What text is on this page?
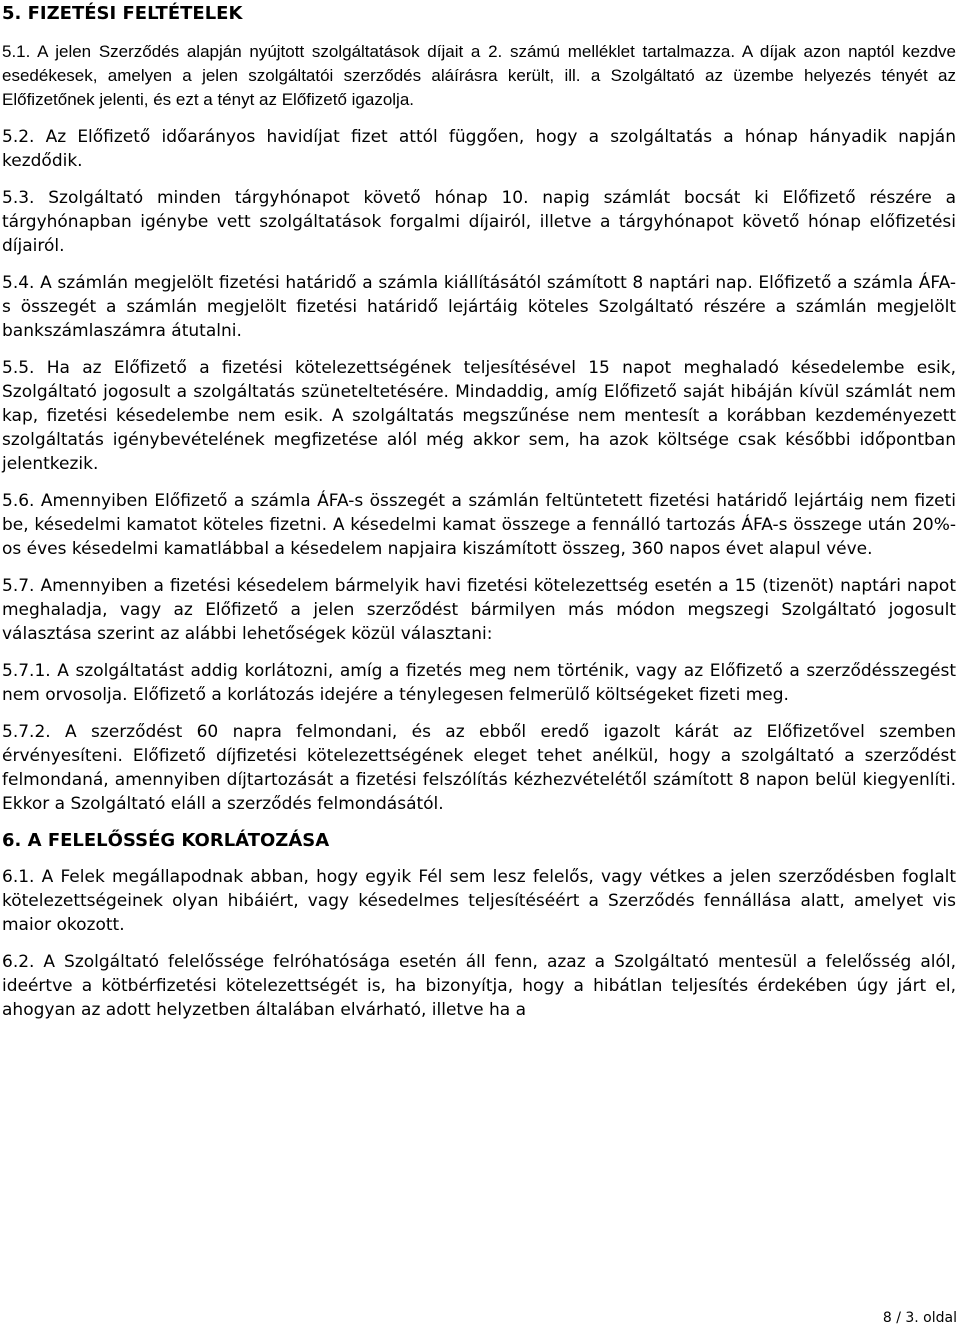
5. FIZETÉSI FELTÉTELEK

5.1. A jelen Szerződés alapján nyújtott szolgáltatások díjait a 2. számú melléklet tartalmazza. A díjak azon naptól kezdve esedékesek, amelyen a jelen szolgáltatói szerződés aláírásra került, ill. a Szolgáltató az üzembe helyezés tényét az Előfizetőnek jelenti, és ezt a tényt az Előfizető igazolja.

5.2. Az Előfizető időarányos havidíjat fizet attól függően, hogy a szolgáltatás a hónap hányadik napján kezdődik.

5.3. Szolgáltató minden tárgyhónapot követő hónap 10. napig számlát bocsát ki Előfizető részére a tárgyhónapban igénybe vett szolgáltatások forgalmi díjairól, illetve a tárgyhónapot követő hónap előfizetési díjairól.

5.4. A számlán megjelölt fizetési határidő a számla kiállításától számított 8 naptári nap. Előfizető a számla ÁFA-s összegét a számlán megjelölt fizetési határidő lejártáig köteles Szolgáltató részére a számlán megjelölt bankszámlaszámra átutalni.

5.5. Ha az Előfizető a fizetési kötelezettségének teljesítésével 15 napot meghaladó késedelembe esik, Szolgáltató jogosult a szolgáltatás szüneteltetésére. Mindaddig, amíg Előfizető saját hibáján kívül számlát nem kap, fizetési késedelembe nem esik. A szolgáltatás megszűnése nem mentesít a korábban kezdeményezett szolgáltatás igénybevételének megfizetése alól még akkor sem, ha azok költsége csak későbbi időpontban jelentkezik.

5.6. Amennyiben Előfizető a számla ÁFA-s összegét a számlán feltüntetett fizetési határidő lejártáig nem fizeti be, késedelmi kamatot köteles fizetni. A késedelmi kamat összege a fennálló tartozás ÁFA-s összege után 20%-os éves késedelmi kamatlábbal a késedelem napjaira kiszámított összeg, 360 napos évet alapul véve.

5.7. Amennyiben a fizetési késedelem bármelyik havi fizetési kötelezettség esetén a 15 (tizenöt) naptári napot meghaladja, vagy az Előfizető a jelen szerződést bármilyen más módon megszegi Szolgáltató jogosult választása szerint az alábbi lehetőségek közül választani:

5.7.1. A szolgáltatást addig korlátozni, amíg a fizetés meg nem történik, vagy az Előfizető a szerződésszegést nem orvosolja. Előfizető a korlátozás idejére a ténylegesen felmerülő költségeket fizeti meg.

5.7.2. A szerződést 60 napra felmondani, és az ebből eredő igazolt kárát az Előfizetővel szemben érvényesíteni. Előfizető díjfizetési kötelezettségének eleget tehet anélkül, hogy a szolgáltató a szerződést felmondaná, amennyiben díjtartozását a fizetési felszólítás kézhezvételétől számított 8 napon belül kiegyenlíti. Ekkor a Szolgáltató eláll a szerződés felmondásától.

6. A FELELŐSSÉG KORLÁTOZÁSA

6.1. A Felek megállapodnak abban, hogy egyik Fél sem lesz felelős, vagy vétkes a jelen szerződésben foglalt kötelezettségeinek olyan hibáiért, vagy késedelmes teljesítéséért a Szerződés fennállása alatt, amelyet vis maior okozott.

6.2. A Szolgáltató felelőssége felróhatósága esetén áll fenn, azaz a Szolgáltató mentesül a felelősség alól, ideértve a kötbérfizetési kötelezettségét is, ha bizonyítja, hogy a hibátlan teljesítés érdekében úgy járt el, ahogyan az adott helyzetben általában elvárható, illetve ha a

8 / 3. oldal
